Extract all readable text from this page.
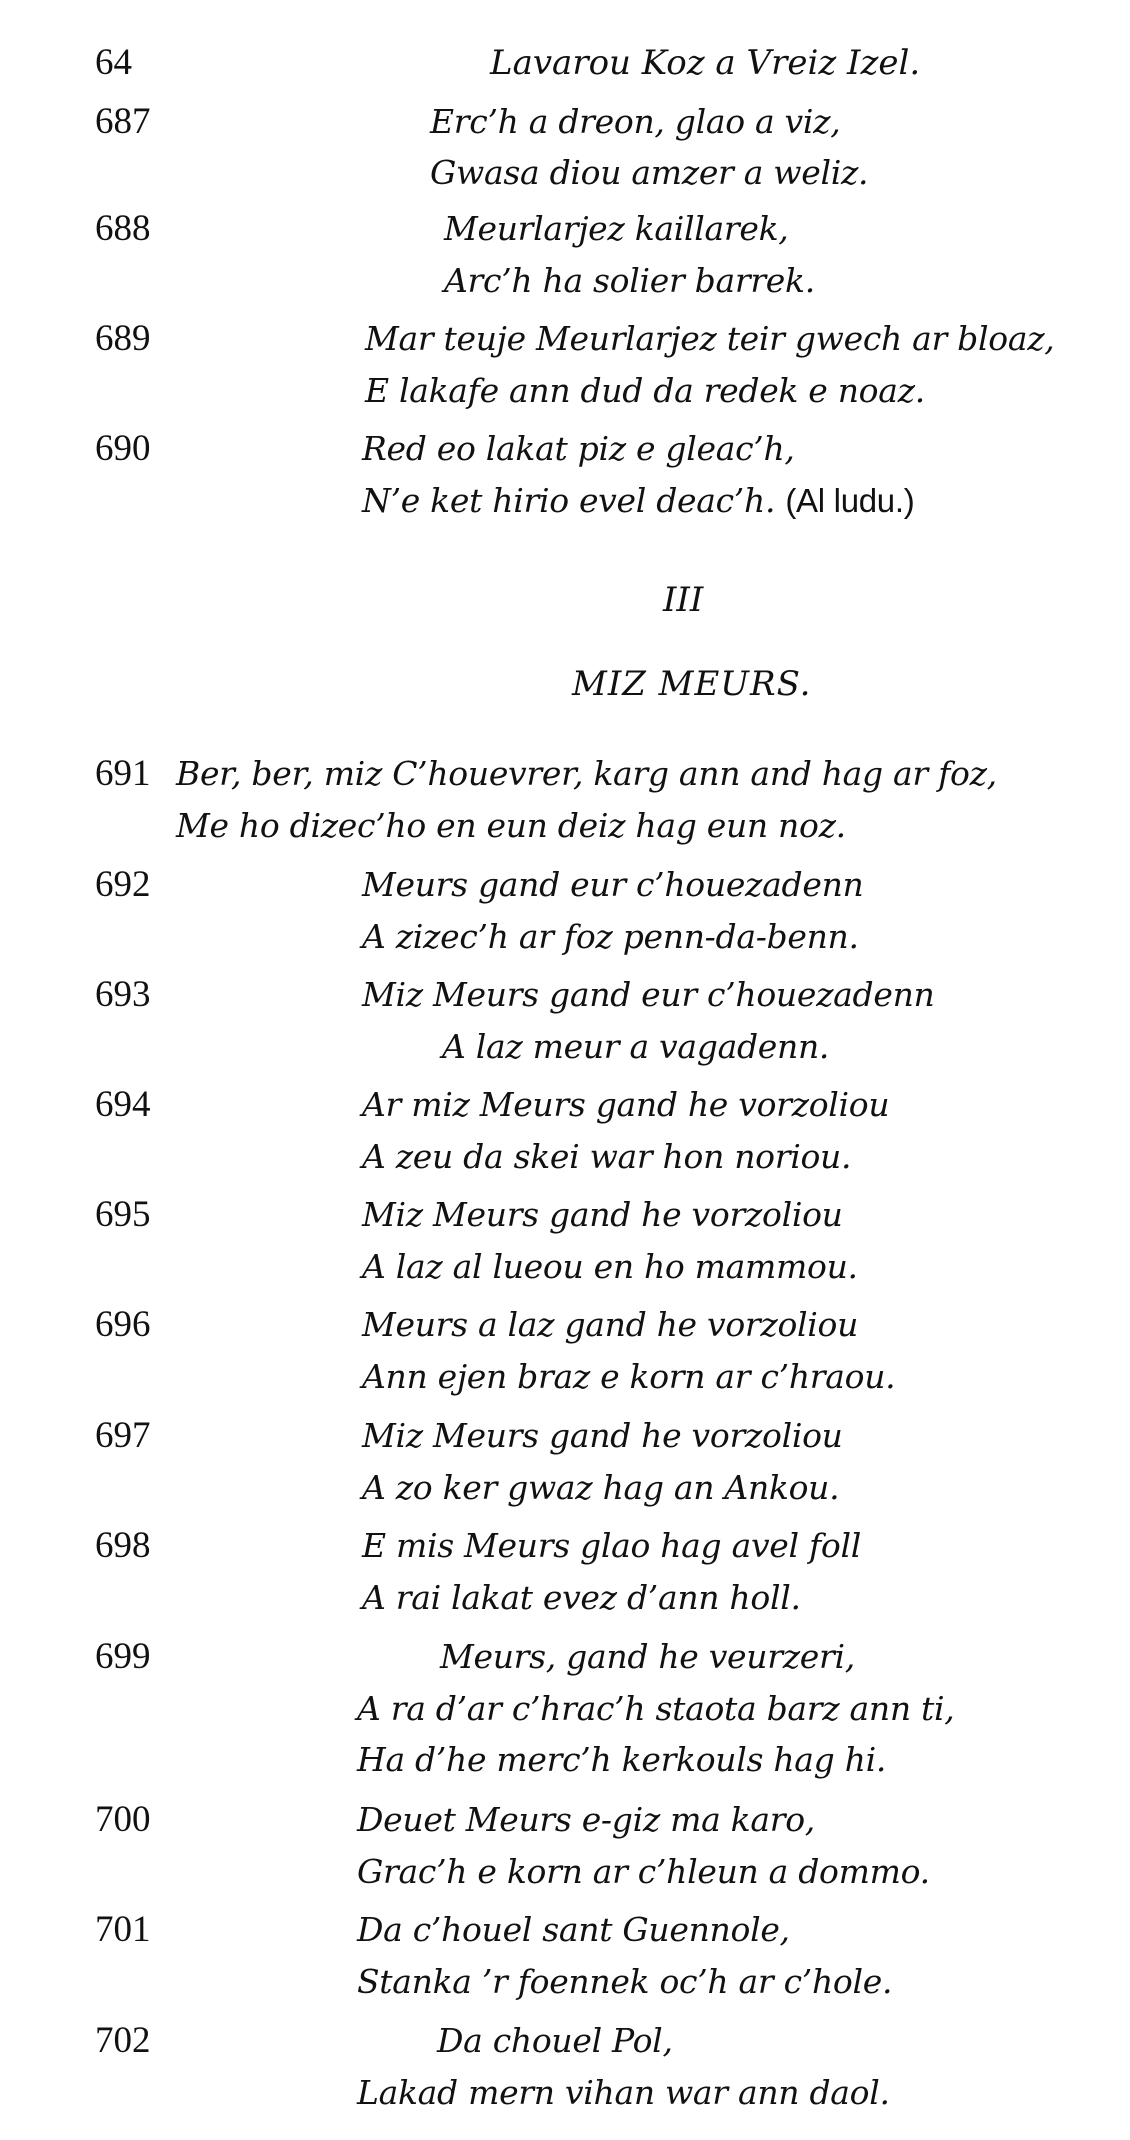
64	Lavarou Koz a Vreiz Izel.
687	Erc’h a dreon, glao a viz,
Gwasa diou amzer a weliz.
688	Meurlarjez kaillarek,
Arc’h ha solier barrek.
689	Mar teuje Meurlarjez teir gwech ar bloaz,
E lakafe ann dud da redek e noaz.
690	Red eo lakat piz e gleac’h,
N’e ket hirio evel deac’h. (Al ludu.)
III
MIZ MEURS.
691 Ber, ber, miz C’houevrer, karg ann and hag ar foz,
Me ho dizec’ho en eun deiz hag eun noz.
692	Meurs gand eur c’houezadenn
A zizec’h ar foz penn-da-benn.
693	Miz Meurs gand eur c’houezadenn
A laz meur a vagadenn.
694	Ar miz Meurs gand he vorzoliou
A zeu da skei war hon noriou.
695	Miz Meurs gand he vorzoliou
A laz al lueou en ho mammou.
696	Meurs a laz gand he vorzoliou
Ann ejen braz e korn ar c’hraou.
697	Miz Meurs gand he vorzoliou
A zo ker gwaz hag an Ankou.
698	E mis Meurs glao hag avel foll
A rai lakat evez d’ann holl.
699	Meurs, gand he veurzeri,
A ra d’ar c’hrac’h staota barz ann ti,
Ha d’he merc’h kerkouls hag hi.
700	Deuet Meurs e-giz ma karo,
Grac’h e korn ar c’hleun a dommo.
701	Da c’houel sant Guennole,
Stanka ’r foennek oc’h ar c’hole.
702	Da chouel Pol,
Lakad mern vihan war ann daol.
